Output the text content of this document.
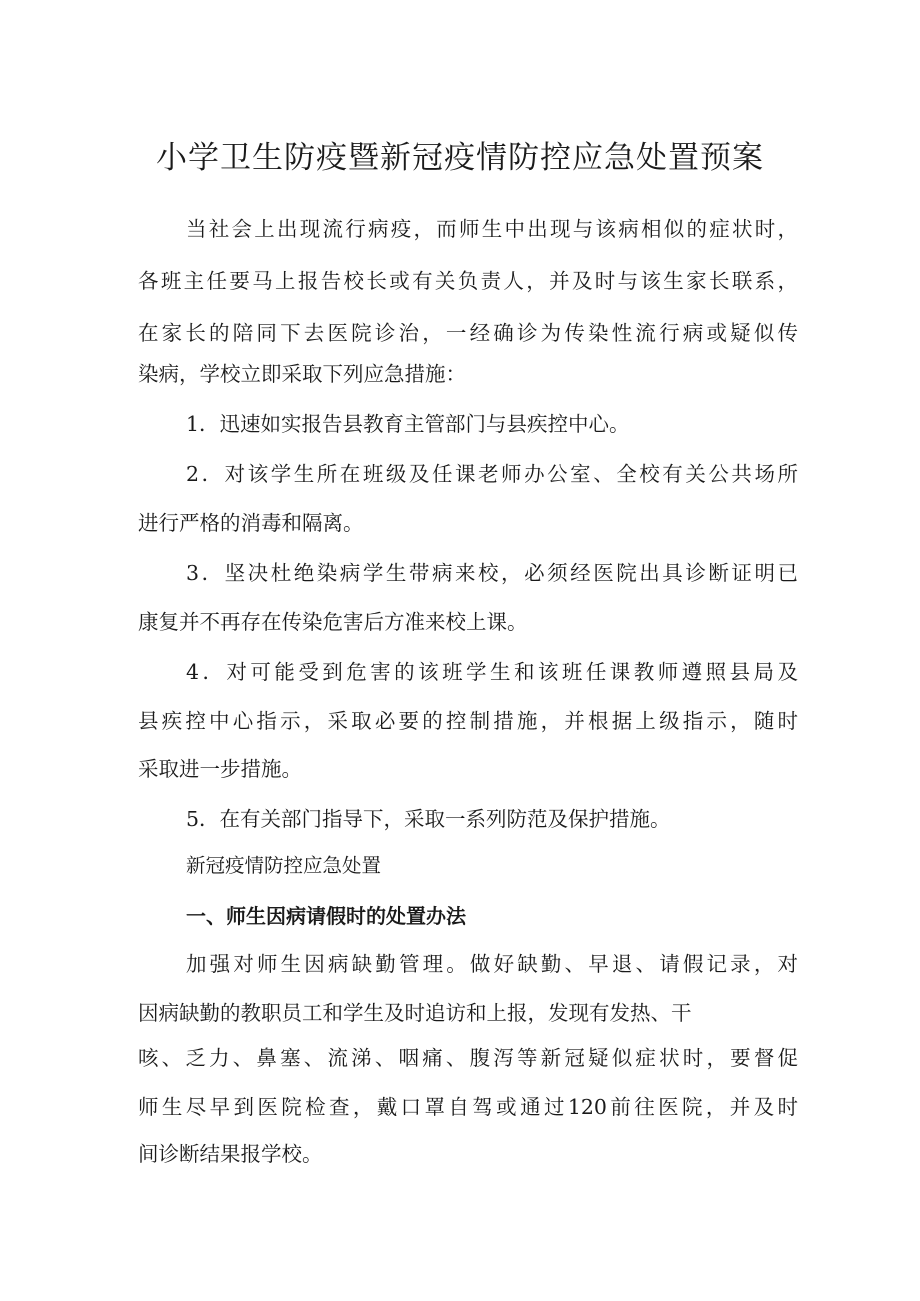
小学卫生防疫暨新冠疫情防控应急处置预案
当社会上出现流行病疫，而师生中出现与该病相似的症状时，
各班主任要马上报告校长或有关负责人，并及时与该生家长联系，
在家长的陪同下去医院诊治，一经确诊为传染性流行病或疑似传
染病，学校立即采取下列应急措施：
1．迅速如实报告县教育主管部门与县疾控中心。
2．对该学生所在班级及任课老师办公室、全校有关公共场所
进行严格的消毒和隔离。
3．坚决杜绝染病学生带病来校，必须经医院出具诊断证明已
康复并不再存在传染危害后方准来校上课。
4．对可能受到危害的该班学生和该班任课教师遵照县局及
县疾控中心指示，采取必要的控制措施，并根据上级指示，随时
采取进一步措施。
5．在有关部门指导下，采取一系列防范及保护措施。
新冠疫情防控应急处置
一、师生因病请假时的处置办法
加强对师生因病缺勤管理。做好缺勤、早退、请假记录，对
因病缺勤的教职员工和学生及时追访和上报，发现有发热、干
咳、乏力、鼻塞、流涕、咽痛、腹泻等新冠疑似症状时，要督促
师生尽早到医院检查，戴口罩自驾或通过120前往医院，并及时
间诊断结果报学校。
